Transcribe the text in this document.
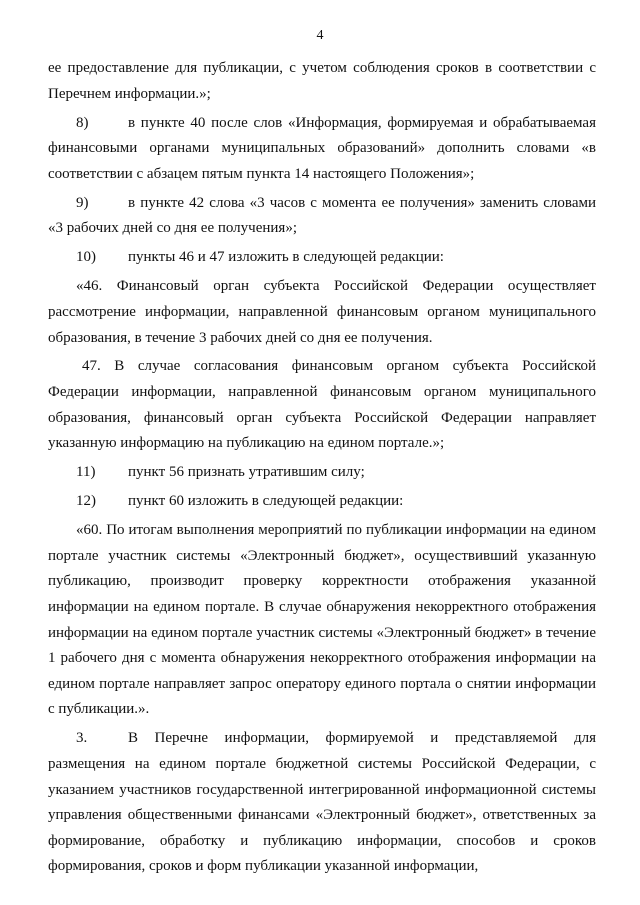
4

ее предоставление для публикации, с учетом соблюдения сроков в соответствии с Перечнем информации.»;

8)	в пункте 40 после слов «Информация, формируемая и обрабатываемая финансовыми органами муниципальных образований» дополнить словами «в соответствии с абзацем пятым пункта 14 настоящего Положения»;

9)	в пункте 42 слова «3 часов с момента ее получения» заменить словами «3 рабочих дней со дня ее получения»;

10) пункты 46 и 47 изложить в следующей редакции:

«46. Финансовый орган субъекта Российской Федерации осуществляет рассмотрение информации, направленной финансовым органом муниципального образования, в течение 3 рабочих дней со дня ее получения.

47. В случае согласования финансовым органом субъекта Российской Федерации информации, направленной финансовым органом муниципального образования, финансовый орган субъекта Российской Федерации направляет указанную информацию на публикацию на едином портале.»;

11) пункт 56 признать утратившим силу;

12) пункт 60 изложить в следующей редакции:

«60. По итогам выполнения мероприятий по публикации информации на едином портале участник системы «Электронный бюджет», осуществивший указанную публикацию, производит проверку корректности отображения указанной информации на едином портале. В случае обнаружения некорректного отображения информации на едином портале участник системы «Электронный бюджет» в течение 1 рабочего дня с момента обнаружения некорректного отображения информации на едином портале направляет запрос оператору единого портала о снятии информации с публикации.».

3.	В Перечне информации, формируемой и представляемой для размещения на едином портале бюджетной системы Российской Федерации, с указанием участников государственной интегрированной информационной системы управления общественными финансами «Электронный бюджет», ответственных за формирование, обработку и публикацию информации, способов и сроков формирования, сроков и форм публикации указанной информации,
